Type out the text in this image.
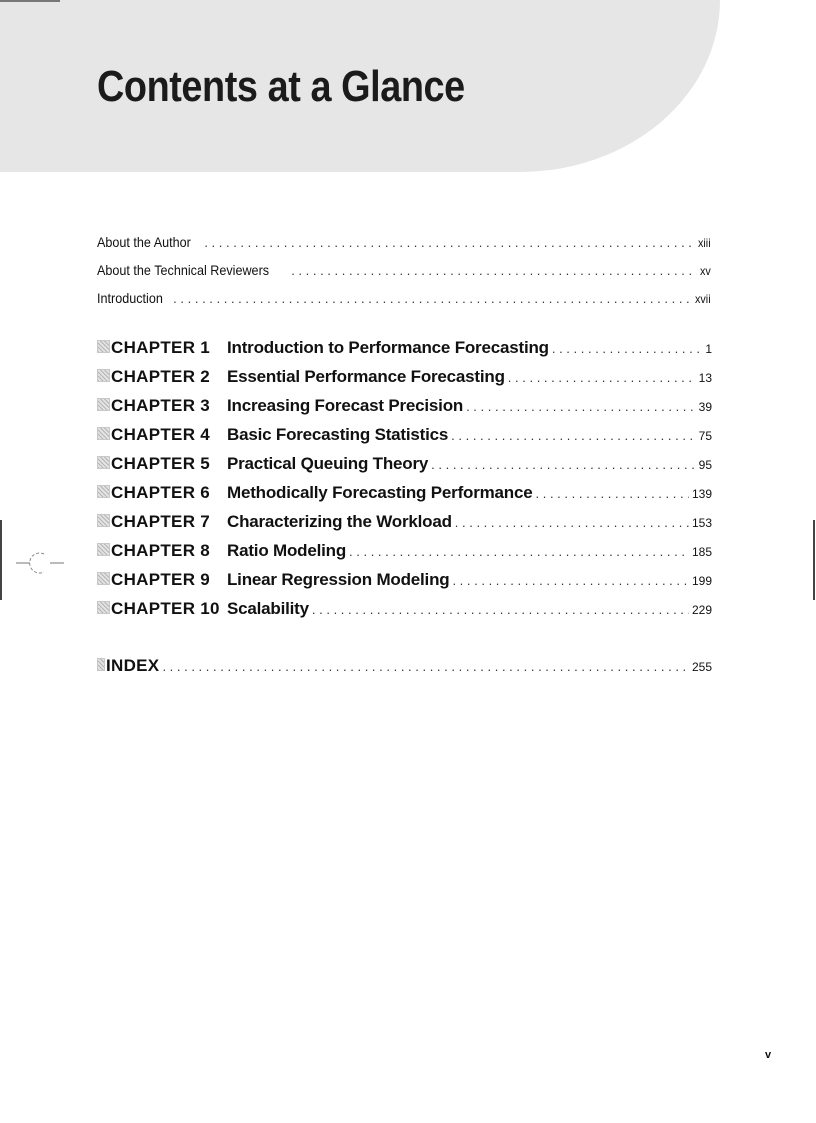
Contents at a Glance
About the Author . . .	xiii
About the Technical Reviewers . . .	xv
Introduction . . .	xvii
CHAPTER 1 Introduction to Performance Forecasting . . .	1
CHAPTER 2 Essential Performance Forecasting . . .	13
CHAPTER 3 Increasing Forecast Precision . . .	39
CHAPTER 4 Basic Forecasting Statistics . . .	75
CHAPTER 5 Practical Queuing Theory . . .	95
CHAPTER 6 Methodically Forecasting Performance . . .	139
CHAPTER 7 Characterizing the Workload . . .	153
CHAPTER 8 Ratio Modeling . . .	185
CHAPTER 9 Linear Regression Modeling . . .	199
CHAPTER 10 Scalability . . .	229
INDEX . . .	255
v
